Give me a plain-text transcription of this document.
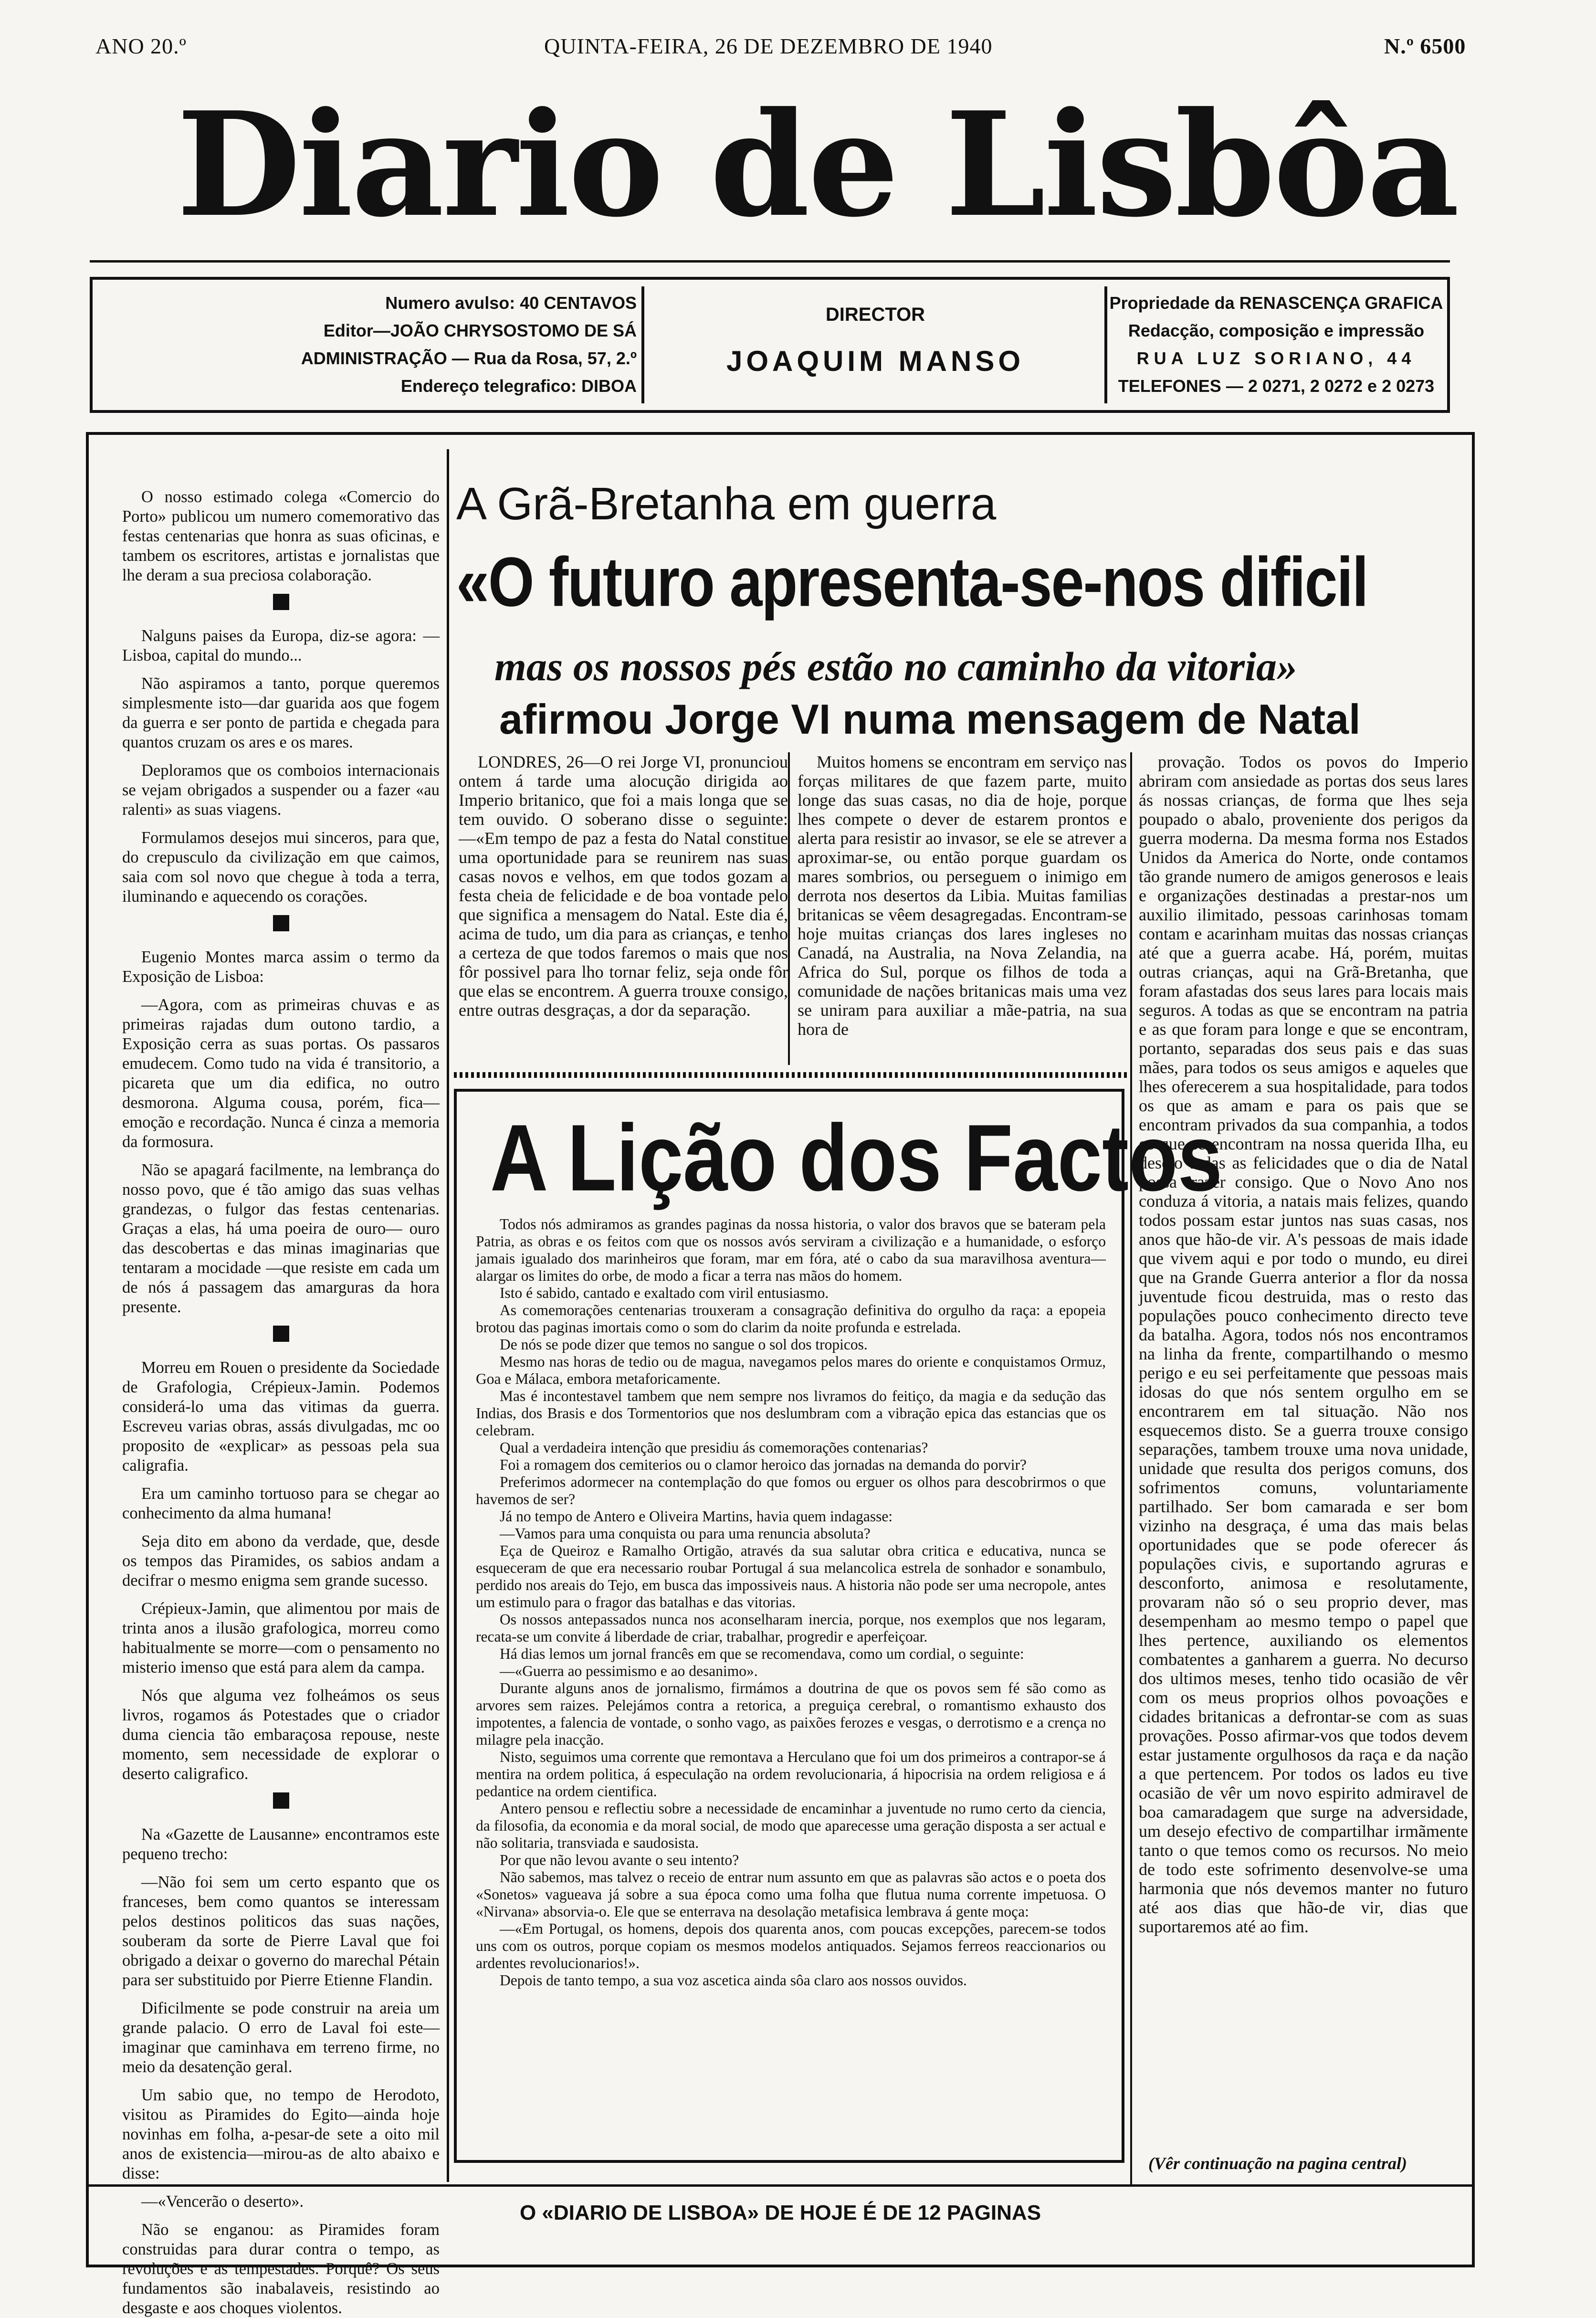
ANO 20.º	QUINTA-FEIRA, 26 DE DEZEMBRO DE 1940	N.º 6500
Diario de Lisbôa
Numero avulso: 40 CENTAVOS
Editor—JOÃO CHRYSOSTOMO DE SÁ
ADMINISTRAÇÃO — Rua da Rosa, 57, 2.º
Endereço telegrafico: DIBOA
DIRECTOR
JOAQUIM MANSO
Propriedade da RENASCENÇA GRAFICA
Redacção, composição e impressão
RUA LUZ SORIANO, 44
TELEFONES — 2 0271, 2 0272 e 2 0273

O nosso estimado colega «Comercio do Porto» publicou um numero comemorativo das festas centenarias que honra as suas oficinas, e tambem os escritores, artistas e jornalistas que lhe deram a sua preciosa colaboração.

Nalguns paises da Europa, diz-se agora: —Lisboa, capital do mundo...

Não aspiramos a tanto, porque queremos simplesmente isto—dar guarida aos que fogem da guerra e ser ponto de partida e chegada para quantos cruzam os ares e os mares.

Deploramos que os comboios internacionais se vejam obrigados a suspender ou a fazer «au ralenti» as suas viagens.

Formulamos desejos mui sinceros, para que, do crepusculo da civilização em que caimos, saia com sol novo que chegue à toda a terra, iluminando e aquecendo os corações.

Eugenio Montes marca assim o termo da Exposição de Lisboa:

—Agora, com as primeiras chuvas e as primeiras rajadas dum outono tardio, a Exposição cerra as suas portas. Os passaros emudecem. Como tudo na vida é transitorio, a picareta que um dia edifica, no outro desmorona. Alguma cousa, porém, fica—emoção e recordação. Nunca é cinza a memoria da formosura.

Não se apagará facilmente, na lembrança do nosso povo, que é tão amigo das suas velhas grandezas, o fulgor das festas centenarias. Graças a elas, há uma poeira de ouro— ouro das descobertas e das minas imaginarias que tentaram a mocidade —que resiste em cada um de nós á passagem das amarguras da hora presente.

Morreu em Rouen o presidente da Sociedade de Grafologia, Crépieux-Jamin. Podemos considerá-lo uma das vitimas da guerra. Escreveu varias obras, assás divulgadas, mc oo proposito de «explicar» as pessoas pela sua caligrafia.

Era um caminho tortuoso para se chegar ao conhecimento da alma humana!

Seja dito em abono da verdade, que, desde os tempos das Piramides, os sabios andam a decifrar o mesmo enigma sem grande sucesso.

Crépieux-Jamin, que alimentou por mais de trinta anos a ilusão grafologica, morreu como habitualmente se morre—com o pensamento no misterio imenso que está para alem da campa.

Nós que alguma vez folheámos os seus livros, rogamos ás Potestades que o criador duma ciencia tão embaraçosa repouse, neste momento, sem necessidade de explorar o deserto caligrafico.

Na «Gazette de Lausanne» encontramos este pequeno trecho:

—Não foi sem um certo espanto que os franceses, bem como quantos se interessam pelos destinos politicos das suas nações, souberam da sorte de Pierre Laval que foi obrigado a deixar o governo do marechal Pétain para ser substituido por Pierre Etienne Flandin.

Dificilmente se pode construir na areia um grande palacio. O erro de Laval foi este—imaginar que caminhava em terreno firme, no meio da desatenção geral.

Um sabio que, no tempo de Herodoto, visitou as Piramides do Egito—ainda hoje novinhas em folha, a-pesar-de sete a oito mil anos de existencia—mirou-as de alto abaixo e disse:

—«Vencerão o deserto».

Não se enganou: as Piramides foram construidas para durar contra o tempo, as revoluções e as tempestades. Porquê? Os seus fundamentos são inabalaveis, resistindo ao desgaste e aos choques violentos.

A Grã-Bretanha em guerra
«O futuro apresenta-se-nos dificil
mas os nossos pés estão no caminho da vitoria»
afirmou Jorge VI numa mensagem de Natal

LONDRES, 26—O rei Jorge VI, pronunciou ontem á tarde uma alocução dirigida ao Imperio britanico, que foi a mais longa que se tem ouvido. O soberano disse o seguinte:—«Em tempo de paz a festa do Natal constitue uma oportunidade para se reunirem nas suas casas novos e velhos, em que todos gozam a festa cheia de felicidade e de boa vontade pelo que significa a mensagem do Natal. Este dia é, acima de tudo, um dia para as crianças, e tenho a certeza de que todos faremos o mais que nos fôr possivel para lho tornar feliz, seja onde fôr que elas se encontrem. A guerra trouxe consigo, entre outras desgraças, a dor da separação.

Muitos homens se encontram em serviço nas forças militares de que fazem parte, muito longe das suas casas, no dia de hoje, porque lhes compete o dever de estarem prontos e alerta para resistir ao invasor, se ele se atrever a aproximar-se, ou então porque guardam os mares sombrios, ou perseguem o inimigo em derrota nos desertos da Libia. Muitas familias britanicas se vêem desagregadas. Encontram-se hoje muitas crianças dos lares ingleses no Canadá, na Australia, na Nova Zelandia, na Africa do Sul, porque os filhos de toda a comunidade de nações britanicas mais uma vez se uniram para auxiliar a mãe-patria, na sua hora de

provação. Todos os povos do Imperio abriram com ansiedade as portas dos seus lares ás nossas crianças, de forma que lhes seja poupado o abalo, proveniente dos perigos da guerra moderna. Da mesma forma nos Estados Unidos da America do Norte, onde contamos tão grande numero de amigos generosos e leais e organizações destinadas a prestar-nos um auxilio ilimitado, pessoas carinhosas tomam contam e acarinham muitas das nossas crianças até que a guerra acabe. Há, porém, muitas outras crianças, aqui na Grã-Bretanha, que foram afastadas dos seus lares para locais mais seguros. A todas as que se encontram na patria e as que foram para longe e que se encontram, portanto, separadas dos seus pais e das suas mães, para todos os seus amigos e aqueles que lhes oferecerem a sua hospitalidade, para todos os que as amam e para os pais que se encontram privados da sua companhia, a todos os que se encontram na nossa querida Ilha, eu desejo todas as felicidades que o dia de Natal possa trazer consigo. Que o Novo Ano nos conduza á vitoria, a natais mais felizes, quando todos possam estar juntos nas suas casas, nos anos que hão-de vir. A's pessoas de mais idade que vivem aqui e por todo o mundo, eu direi que na Grande Guerra anterior a flor da nossa juventude ficou destruida, mas o resto das populações pouco conhecimento directo teve da batalha. Agora, todos nós nos encontramos na linha da frente, compartilhando o mesmo perigo e eu sei perfeitamente que pessoas mais idosas do que nós sentem orgulho em se encontrarem em tal situação. Não nos esquecemos disto. Se a guerra trouxe consigo separações, tambem trouxe uma nova unidade, unidade que resulta dos perigos comuns, dos sofrimentos comuns, voluntariamente partilhado. Ser bom camarada e ser bom vizinho na desgraça, é uma das mais belas oportunidades que se pode oferecer ás populações civis, e suportando agruras e desconforto, animosa e resolutamente, provaram não só o seu proprio dever, mas desempenham ao mesmo tempo o papel que lhes pertence, auxiliando os elementos combatentes a ganharem a guerra. No decurso dos ultimos meses, tenho tido ocasião de vêr com os meus proprios olhos povoações e cidades britanicas a defrontar-se com as suas provações. Posso afirmar-vos que todos devem estar justamente orgulhosos da raça e da nação a que pertencem. Por todos os lados eu tive ocasião de vêr um novo espirito admiravel de boa camaradagem que surge na adversidade, um desejo efectivo de compartilhar irmãmente tanto o que temos como os recursos. No meio de todo este sofrimento desenvolve-se uma harmonia que nós devemos manter no futuro até aos dias que hão-de vir, dias que suportaremos até ao fim.

(Vêr continuação na pagina central)
A Lição dos Factos

Todos nós admiramos as grandes paginas da nossa historia, o valor dos bravos que se bateram pela Patria, as obras e os feitos com que os nossos avós serviram a civilização e a humanidade, o esforço jamais igualado dos marinheiros que foram, mar em fóra, até o cabo da sua maravilhosa aventura—alargar os limites do orbe, de modo a ficar a terra nas mãos do homem.

Isto é sabido, cantado e exaltado com viril entusiasmo.

As comemorações centenarias trouxeram a consagração definitiva do orgulho da raça: a epopeia brotou das paginas imortais como o som do clarim da noite profunda e estrelada.

De nós se pode dizer que temos no sangue o sol dos tropicos.

Mesmo nas horas de tedio ou de magua, navegamos pelos mares do oriente e conquistamos Ormuz, Goa e Málaca, embora metaforicamente.

Mas é incontestavel tambem que nem sempre nos livramos do feitiço, da magia e da sedução das Indias, dos Brasis e dos Tormentorios que nos deslumbram com a vibração epica das estancias que os celebram.

Qual a verdadeira intenção que presidiu ás comemorações contenarias?

Foi a romagem dos cemiterios ou o clamor heroico das jornadas na demanda do porvir?

Preferimos adormecer na contemplação do que fomos ou erguer os olhos para descobrirmos o que havemos de ser?

Já no tempo de Antero e Oliveira Martins, havia quem indagasse:

—Vamos para uma conquista ou para uma renuncia absoluta?

Eça de Queiroz e Ramalho Ortigão, através da sua salutar obra critica e educativa, nunca se esqueceram de que era necessario roubar Portugal á sua melancolica estrela de sonhador e sonambulo, perdido nos areais do Tejo, em busca das impossiveis naus. A historia não pode ser uma necropole, antes um estimulo para o fragor das batalhas e das vitorias.

Os nossos antepassados nunca nos aconselharam inercia, porque, nos exemplos que nos legaram, recata-se um convite á liberdade de criar, trabalhar, progredir e aperfeiçoar.

Há dias lemos um jornal francês em que se recomendava, como um cordial, o seguinte:

—«Guerra ao pessimismo e ao desanimo».

Durante alguns anos de jornalismo, firmámos a doutrina de que os povos sem fé são como as arvores sem raizes. Pelejámos contra a retorica, a preguiça cerebral, o romantismo exhausto dos impotentes, a falencia de vontade, o sonho vago, as paixões ferozes e vesgas, o derrotismo e a crença no milagre pela inacção.

Nisto, seguimos uma corrente que remontava a Herculano que foi um dos primeiros a contrapor-se á mentira na ordem politica, á especulação na ordem revolucionaria, á hipocrisia na ordem religiosa e á pedantice na ordem cientifica.

Antero pensou e reflectiu sobre a necessidade de encaminhar a juventude no rumo certo da ciencia, da filosofia, da economia e da moral social, de modo que aparecesse uma geração disposta a ser actual e não solitaria, transviada e saudosista.

Por que não levou avante o seu intento?

Não sabemos, mas talvez o receio de entrar num assunto em que as palavras são actos e o poeta dos «Sonetos» vagueava já sobre a sua época como uma folha que flutua numa corrente impetuosa. O «Nirvana» absorvia-o. Ele que se enterrava na desolação metafisica lembrava á gente moça:

—«Em Portugal, os homens, depois dos quarenta anos, com poucas excepções, parecem-se todos uns com os outros, porque copiam os mesmos modelos antiquados. Sejamos ferreos reaccionarios ou ardentes revolucionarios!».

Depois de tanto tempo, a sua voz ascetica ainda sôa claro aos nossos ouvidos.

O «DIARIO DE LISBOA» DE HOJE É DE 12 PAGINAS
